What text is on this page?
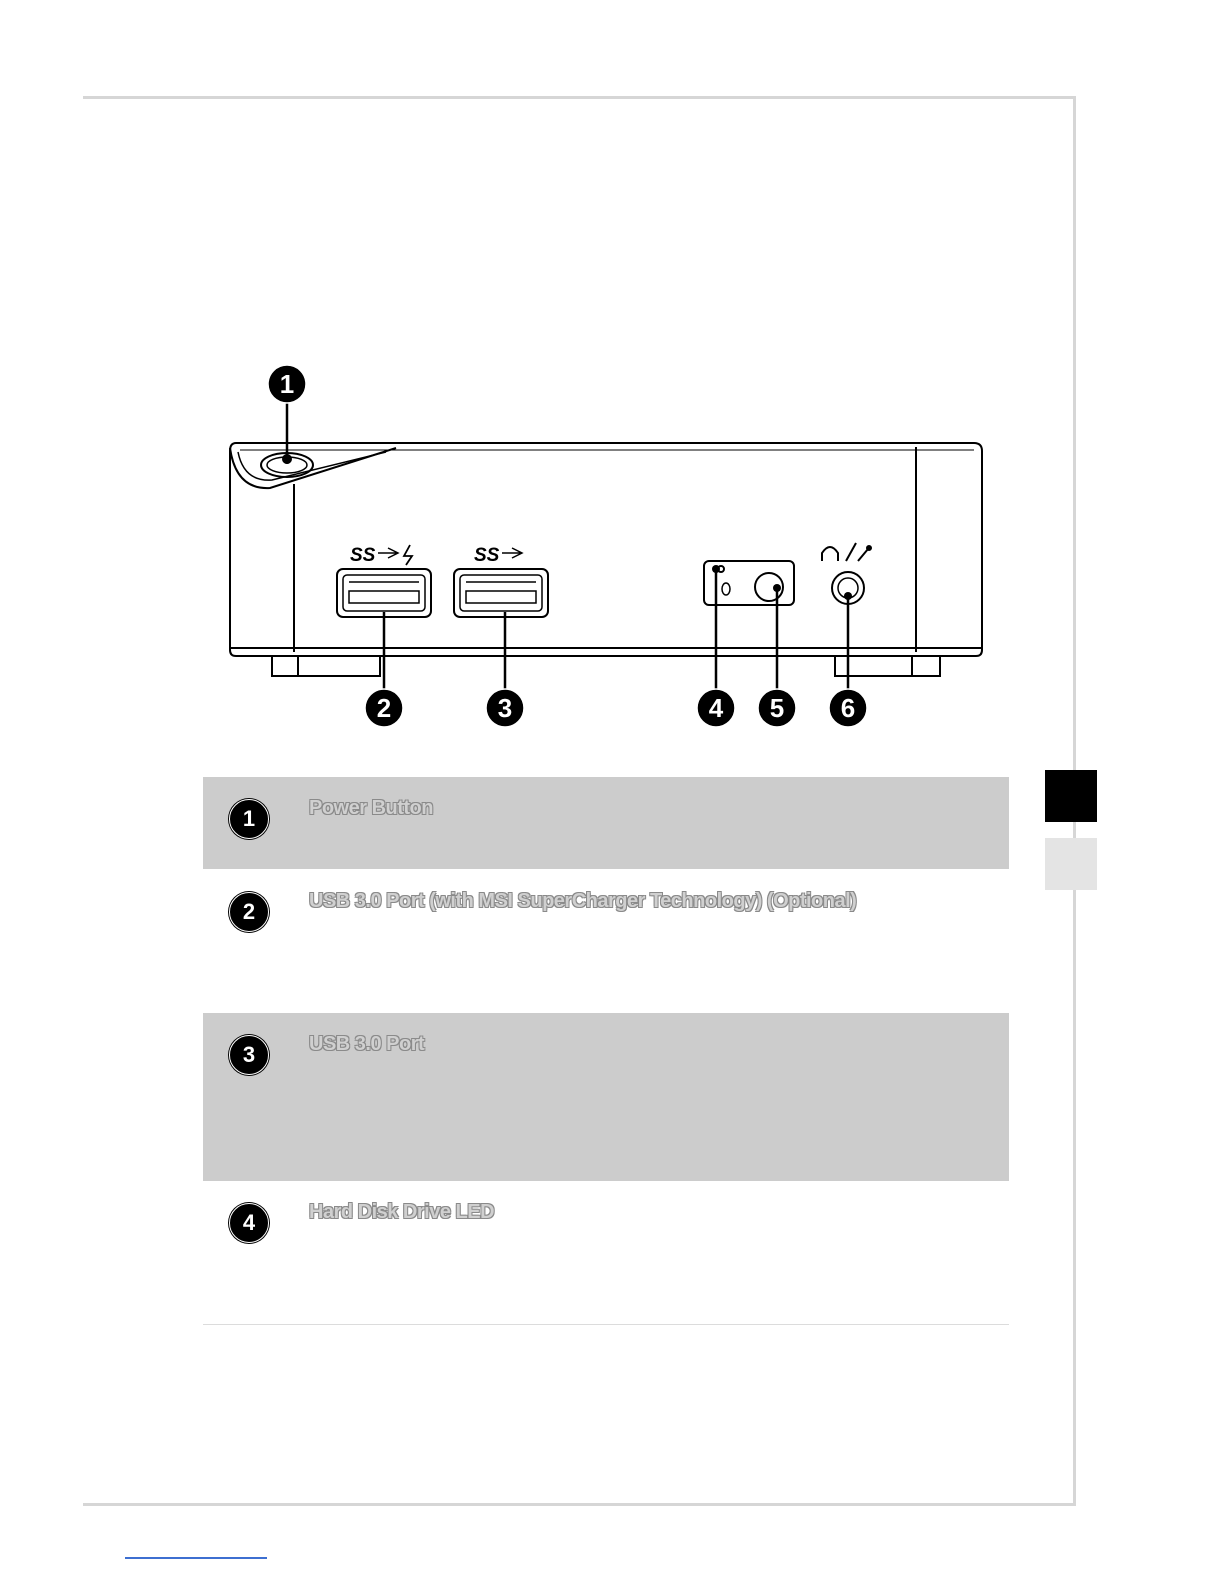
SS	SS
1
2	3	4 5 6
1	Power Button
2	USB 3.0 Port (with MSI SuperCharger Technology) (Optional)
3	USB 3.0 Port
4	Hard Disk Drive LED
